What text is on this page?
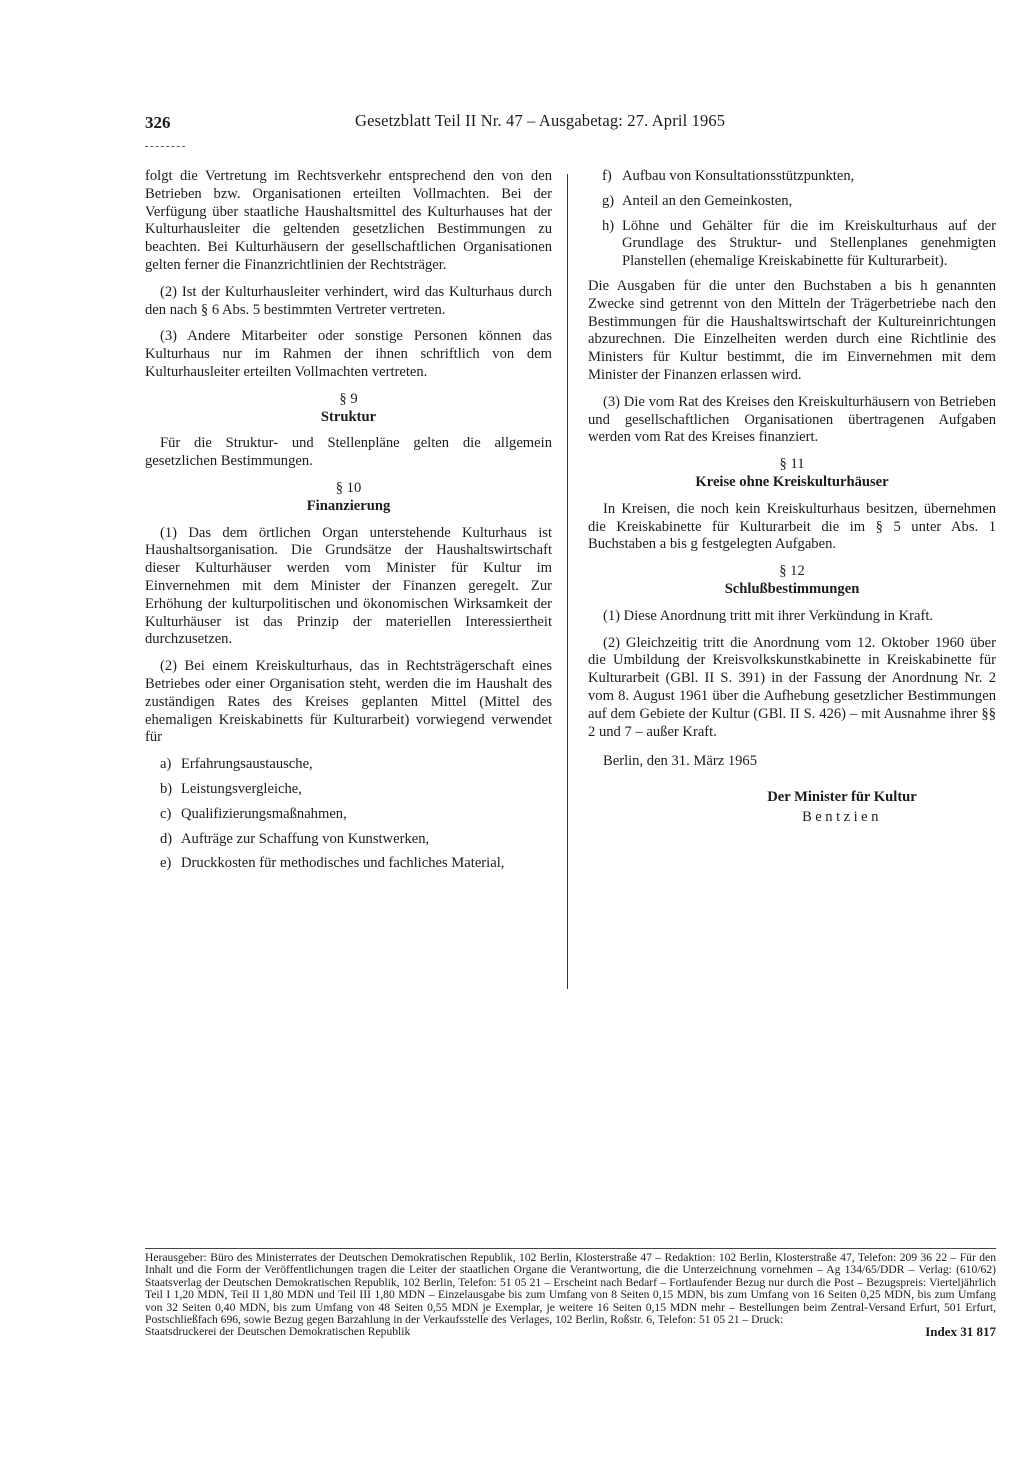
326	Gesetzblatt Teil II Nr. 47 – Ausgabetag: 27. April 1965

folgt die Vertretung im Rechtsverkehr entsprechend den von den Betrieben bzw. Organisationen erteilten Vollmachten. Bei der Verfügung über staatliche Haushaltsmittel des Kulturhauses hat der Kulturhausleiter die geltenden gesetzlichen Bestimmungen zu beachten. Bei Kulturhäusern der gesellschaftlichen Organisationen gelten ferner die Finanzrichtlinien der Rechtsträger.

(2) Ist der Kulturhausleiter verhindert, wird das Kulturhaus durch den nach § 6 Abs. 5 bestimmten Vertreter vertreten.

(3) Andere Mitarbeiter oder sonstige Personen können das Kulturhaus nur im Rahmen der ihnen schriftlich von dem Kulturhausleiter erteilten Vollmachten vertreten.

§ 9

Struktur

Für die Struktur- und Stellenpläne gelten die allgemein gesetzlichen Bestimmungen.

§ 10

Finanzierung

(1) Das dem örtlichen Organ unterstehende Kulturhaus ist Haushaltsorganisation. Die Grundsätze der Haushaltswirtschaft dieser Kulturhäuser werden vom Minister für Kultur im Einvernehmen mit dem Minister der Finanzen geregelt. Zur Erhöhung der kulturpolitischen und ökonomischen Wirksamkeit der Kulturhäuser ist das Prinzip der materiellen Interessiertheit durchzusetzen.

(2) Bei einem Kreiskulturhaus, das in Rechtsträgerschaft eines Betriebes oder einer Organisation steht, werden die im Haushalt des zuständigen Rates des Kreises geplanten Mittel (Mittel des ehemaligen Kreiskabinetts für Kulturarbeit) vorwiegend verwendet für

a) Erfahrungsaustausche,
b) Leistungsvergleiche,
c) Qualifizierungsmaßnahmen,
d) Aufträge zur Schaffung von Kunstwerken,
e) Druckkosten für methodisches und fachliches Material,
f) Aufbau von Konsultationsstützpunkten,
g) Anteil an den Gemeinkosten,
h) Löhne und Gehälter für die im Kreiskulturhaus auf der Grundlage des Struktur- und Stellenplanes genehmigten Planstellen (ehemalige Kreiskabinette für Kulturarbeit).

Die Ausgaben für die unter den Buchstaben a bis h genannten Zwecke sind getrennt von den Mitteln der Trägerbetriebe nach den Bestimmungen für die Haushaltswirtschaft der Kultureinrichtungen abzurechnen. Die Einzelheiten werden durch eine Richtlinie des Ministers für Kultur bestimmt, die im Einvernehmen mit dem Minister der Finanzen erlassen wird.

(3) Die vom Rat des Kreises den Kreiskulturhäusern von Betrieben und gesellschaftlichen Organisationen übertragenen Aufgaben werden vom Rat des Kreises finanziert.

§ 11

Kreise ohne Kreiskulturhäuser

In Kreisen, die noch kein Kreiskulturhaus besitzen, übernehmen die Kreiskabinette für Kulturarbeit die im § 5 unter Abs. 1 Buchstaben a bis g festgelegten Aufgaben.

§ 12

Schlußbestimmungen

(1) Diese Anordnung tritt mit ihrer Verkündung in Kraft.

(2) Gleichzeitig tritt die Anordnung vom 12. Oktober 1960 über die Umbildung der Kreisvolkskunstkabinette in Kreiskabinette für Kulturarbeit (GBl. II S. 391) in der Fassung der Anordnung Nr. 2 vom 8. August 1961 über die Aufhebung gesetzlicher Bestimmungen auf dem Gebiete der Kultur (GBl. II S. 426) – mit Ausnahme ihrer §§ 2 und 7 – außer Kraft.

Berlin, den 31. März 1965

Der Minister für Kultur

Bentzien

Herausgeber: Büro des Ministerrates der Deutschen Demokratischen Republik, 102 Berlin, Klosterstraße 47 – Redaktion: 102 Berlin, Klosterstraße 47, Telefon: 209 36 22 – Für den Inhalt und die Form der Veröffentlichungen tragen die Leiter der staatlichen Organe die Verantwortung, die die Unterzeichnung vornehmen – Ag 134/65/DDR – Verlag: (610/62) Staatsverlag der Deutschen Demokratischen Republik, 102 Berlin, Telefon: 51 05 21 – Erscheint nach Bedarf – Fortlaufender Bezug nur durch die Post – Bezugspreis: Vierteljährlich Teil I 1,20 MDN, Teil II 1,80 MDN und Teil III 1,80 MDN – Einzelausgabe bis zum Umfang von 8 Seiten 0,15 MDN, bis zum Umfang von 16 Seiten 0,25 MDN, bis zum Umfang von 32 Seiten 0,40 MDN, bis zum Umfang von 48 Seiten 0,55 MDN je Exemplar, je weitere 16 Seiten 0,15 MDN mehr – Bestellungen beim Zentral-Versand Erfurt, 501 Erfurt, Postschließfach 696, sowie Bezug gegen Barzahlung in der Verkaufsstelle des Verlages, 102 Berlin, Roßstr. 6, Telefon: 51 05 21 – Druck:

Staatsdruckerei der Deutschen Demokratischen Republik	Index 31 817
